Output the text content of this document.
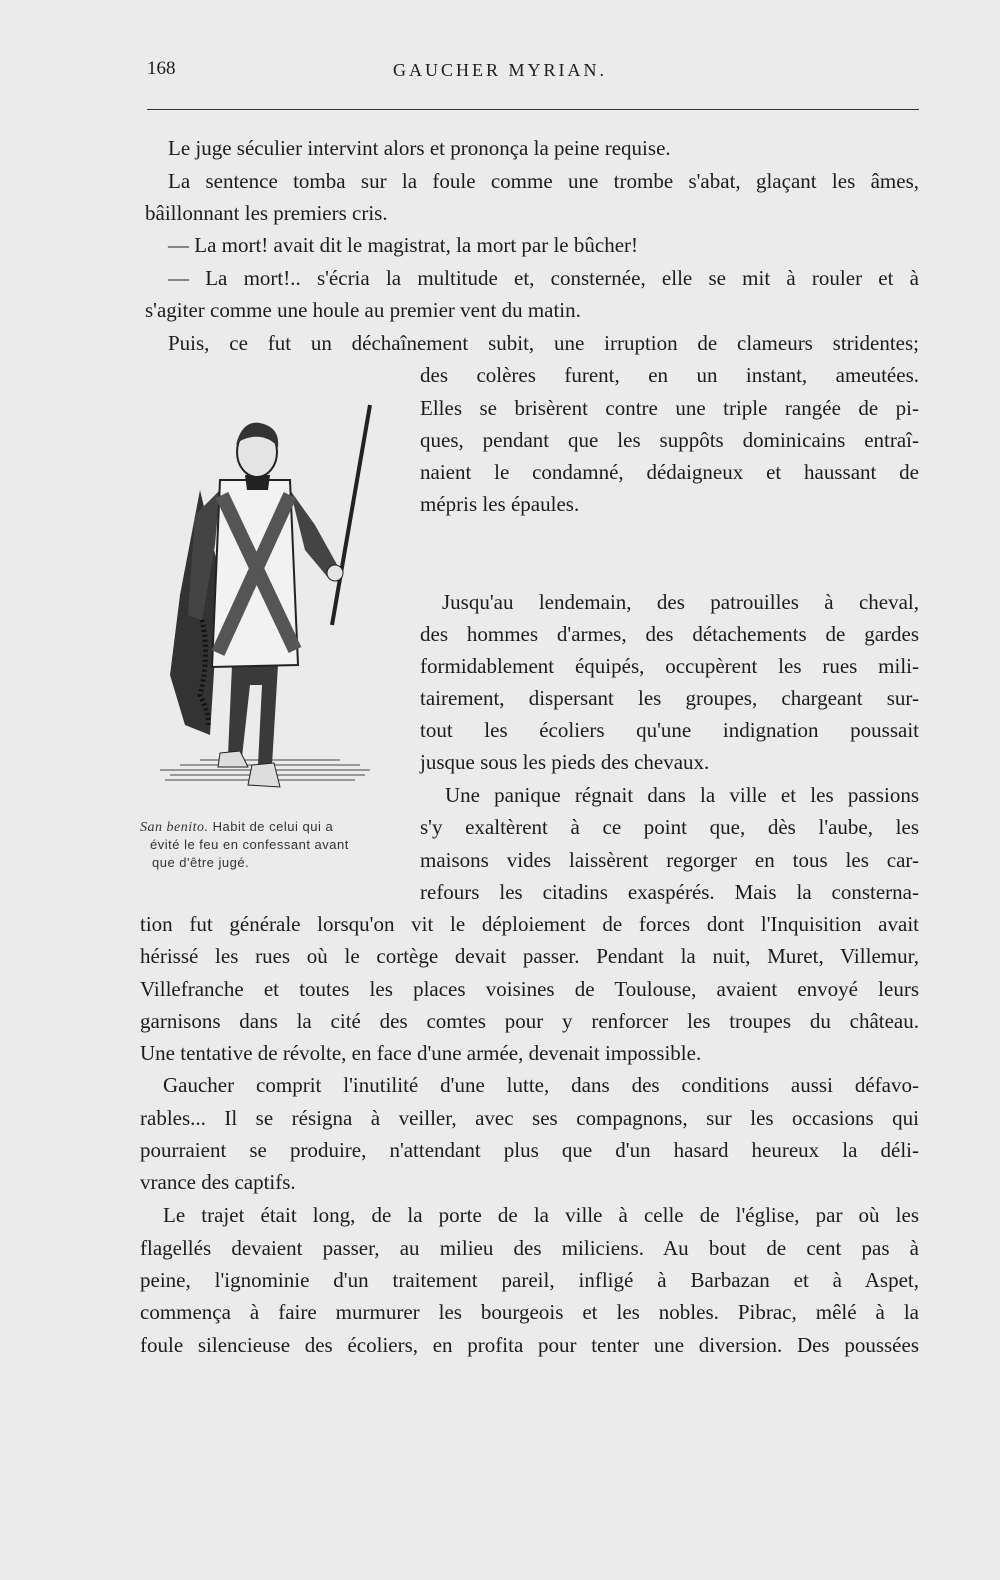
168	GAUCHER MYRIAN.
San benito. Habit de celui qui a
évité le feu en confessant avant
que d'être jugé.
Le juge séculier intervint alors et prononça la peine requise.
La sentence tomba sur la foule comme une trombe s'abat, glaçant les âmes,
bâillonnant les premiers cris.
— La mort! avait dit le magistrat, la mort par le bûcher!
— La mort!.. s'écria la multitude et, consternée, elle se mit à rouler et à
s'agiter comme une houle au premier vent du matin.
Puis, ce fut un déchaînement subit, une irruption de clameurs stridentes;
des colères furent, en un instant, ameutées.
Elles se brisèrent contre une triple rangée de pi-
ques, pendant que les suppôts dominicains entraî-
naient le condamné, dédaigneux et haussant de
mépris les épaules.
Jusqu'au lendemain, des patrouilles à cheval,
des hommes d'armes, des détachements de gardes
formidablement équipés, occupèrent les rues mili-
tairement, dispersant les groupes, chargeant sur-
tout les écoliers qu'une indignation poussait
jusque sous les pieds des chevaux.
Une panique régnait dans la ville et les passions
s'y exaltèrent à ce point que, dès l'aube, les
maisons vides laissèrent regorger en tous les car-
refours les citadins exaspérés. Mais la consterna-
tion fut générale lorsqu'on vit le déploiement de forces dont l'Inquisition avait
hérissé les rues où le cortège devait passer. Pendant la nuit, Muret, Villemur,
Villefranche et toutes les places voisines de Toulouse, avaient envoyé leurs
garnisons dans la cité des comtes pour y renforcer les troupes du château.
Une tentative de révolte, en face d'une armée, devenait impossible.
Gaucher comprit l'inutilité d'une lutte, dans des conditions aussi défavo-
rables... Il se résigna à veiller, avec ses compagnons, sur les occasions qui
pourraient se produire, n'attendant plus que d'un hasard heureux la déli-
vrance des captifs.
Le trajet était long, de la porte de la ville à celle de l'église, par où les
flagellés devaient passer, au milieu des miliciens. Au bout de cent pas à
peine, l'ignominie d'un traitement pareil, infligé à Barbazan et à Aspet,
commença à faire murmurer les bourgeois et les nobles. Pibrac, mêlé à la
foule silencieuse des écoliers, en profita pour tenter une diversion. Des poussées
